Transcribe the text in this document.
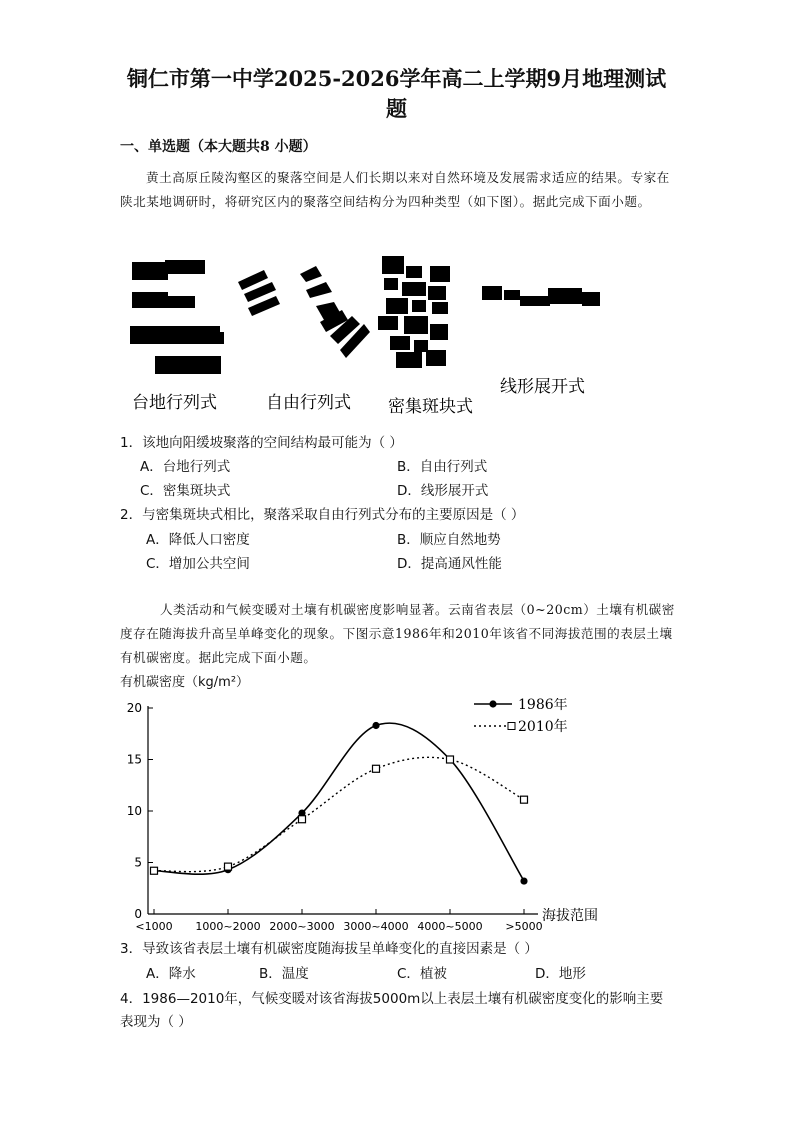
铜仁市第一中学2025-2026学年高二上学期9月地理测试
题
一、单选题（本大题共8 小题）
黄土高原丘陵沟壑区的聚落空间是人们长期以来对自然环境及发展需求适应的结果。专家在陕北某地调研时，将研究区内的聚落空间结构分为四种类型（如下图）。据此完成下面小题。
台地行列式	自由行列式 密集斑块式
线形展开式
1．该地向阳缓坡聚落的空间结构最可能为（ ）
A．台地行列式	B．自由行列式
C．密集斑块式	D．线形展开式
2．与密集斑块式相比，聚落采取自由行列式分布的主要原因是（ ）
A．降低人口密度	B．顺应自然地势
C．增加公共空间	D．提高通风性能
人类活动和气候变暖对土壤有机碳密度影响显著。云南省表层（0~20cm）土壤有机碳密度存在随海拔升高呈单峰变化的现象。下图示意1986年和2010年该省不同海拔范围的表层土壤有机碳密度。据此完成下面小题。
有机碳密度（kg/m²）
0
5
10
15
20
<1000 1000~2000 2000~3000 3000~4000 4000~5000 >5000
海拔范围
1986年
2010年
3．导致该省表层土壤有机碳密度随海拔呈单峰变化的直接因素是（ ）
A．降水	B．温度	C．植被	D．地形
4．1986—2010年，气候变暖对该省海拔5000m以上表层土壤有机碳密度变化的影响主要
表现为（ ）
